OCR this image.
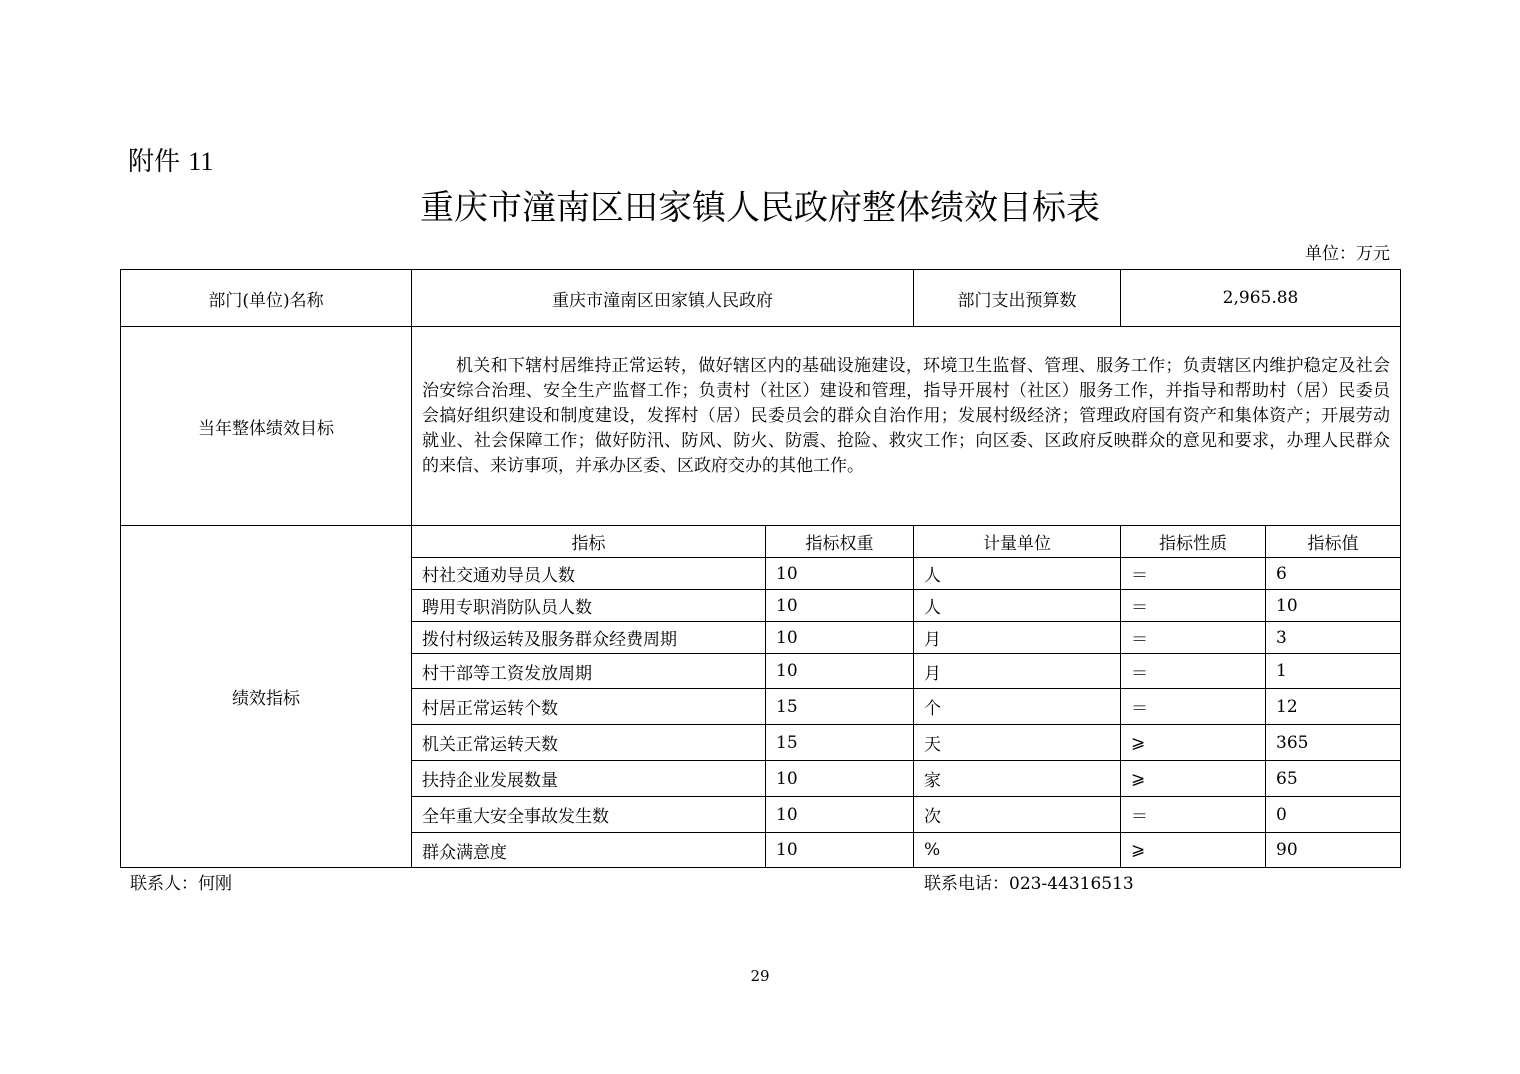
附件 11
重庆市潼南区田家镇人民政府整体绩效目标表
单位：万元
部门(单位)名称	重庆市潼南区田家镇人民政府		部门支出预算数	2,965.88	
当年整体绩效目标	机关和下辖村居维持正常运转，做好辖区内的基础设施建设，环境卫生监督、管理、服务工作；负责辖区内维护稳定及社会治安综合治理、安全生产监督工作；负责村（社区）建设和管理，指导开展村（社区）服务工作，并指导和帮助村（居）民委员会搞好组织建设和制度建设，发挥村（居）民委员会的群众自治作用；发展村级经济；管理政府国有资产和集体资产；开展劳动就业、社会保障工作；做好防汛、防风、防火、防震、抢险、救灾工作；向区委、区政府反映群众的意见和要求，办理人民群众的来信、来访事项，并承办区委、区政府交办的其他工作。				

绩效指标	指标	指标权重	计量单位	指标性质	指标值
	村社交通劝导员人数	10	人	＝	6
	聘用专职消防队员人数	10	人	＝	10
	拨付村级运转及服务群众经费周期	10	月	＝	3
	村干部等工资发放周期	10	月	＝	1
	村居正常运转个数	15	个	＝	12
	机关正常运转天数	15	天	⩾	365
	扶持企业发展数量	10	家	⩾	65
	全年重大安全事故发生数	10	次	＝	0
	群众满意度	10	%	⩾	90
联系人：何刚	联系电话：023-44316513
29
